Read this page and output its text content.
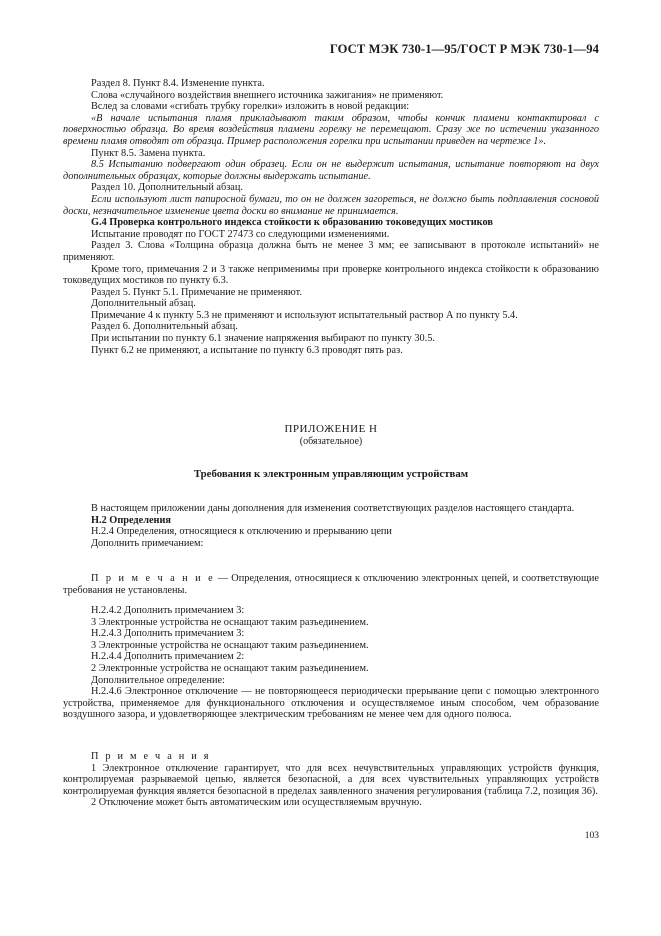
ГОСТ МЭК 730-1—95/ГОСТ Р МЭК 730-1—94

Раздел 8. Пункт 8.4. Изменение пункта.

Слова «случайного воздействия внешнего источника зажигания» не применяют.

Вслед за словами «сгибать трубку горелки» изложить в новой редакции:

«В начале испытания пламя прикладывают таким образом, чтобы кончик пламени контактировал с поверхностью образца. Во время воздействия пламени горелку не перемещают. Сразу же по истечении указанного времени пламя отводят от образца. Пример расположения горелки при испытании приведен на чертеже 1».

Пункт 8.5. Замена пункта.

8.5 Испытанию подвергают один образец. Если он не выдержит испытания, испытание повторяют на двух дополнительных образцах, которые должны выдержать испытание.

Раздел 10. Дополнительный абзац.

Если используют лист папиросной бумаги, то он не должен загореться, не должно быть подплавления сосновой доски, незначительное изменение цвета доски во внимание не принимается.

G.4 Проверка контрольного индекса стойкости к образованию токоведущих мостиков

Испытание проводят по ГОСТ 27473 со следующими изменениями.

Раздел 3. Слова «Толщина образца должна быть не менее 3 мм; ее записывают в протоколе испытаний» не применяют.

Кроме того, примечания 2 и 3 также неприменимы при проверке контрольного индекса стойкости к образованию токоведущих мостиков по пункту 6.3.

Раздел 5. Пункт 5.1. Примечание не применяют.

Дополнительный абзац.

Примечание 4 к пункту 5.3 не применяют и используют испытательный раствор А по пункту 5.4.

Раздел 6. Дополнительный абзац.

При испытании по пункту 6.1 значение напряжения выбирают по пункту 30.5.

Пункт 6.2 не применяют, а испытание по пункту 6.3 проводят пять раз.

ПРИЛОЖЕНИЕ Н
(обязательное)
Требования к электронным управляющим устройствам

В настоящем приложении даны дополнения для изменения соответствующих разделов настоящего стандарта.

Н.2 Определения

Н.2.4 Определения, относящиеся к отключению и прерыванию цепи

Дополнить примечанием:

П р и м е ч а н и е — Определения, относящиеся к отключению электронных цепей, и соответствующие требования не установлены.

Н.2.4.2 Дополнить примечанием 3:

3 Электронные устройства не оснащают таким разъединением.

Н.2.4.3 Дополнить примечанием 3:

3 Электронные устройства не оснащают таким разъединением.

Н.2.4.4 Дополнить примечанием 2:

2 Электронные устройства не оснащают таким разъединением.

Дополнительное определение:

Н.2.4.6 Электронное отключение — не повторяющееся периодически прерывание цепи с помощью электронного устройства, применяемое для функционального отключения и осуществляемое иным способом, чем образование воздушного зазора, и удовлетворяющее электрическим требованиям не менее чем для одного полюса.

П р и м е ч а н и я

1 Электронное отключение гарантирует, что для всех нечувствительных управляющих устройств функция, контролируемая разрываемой цепью, является безопасной, а для всех чувствительных управляющих устройств контролируемая функция является безопасной в пределах заявленного значения регулирования (таблица 7.2, позиция 36).

2 Отключение может быть автоматическим или осуществляемым вручную.

103
